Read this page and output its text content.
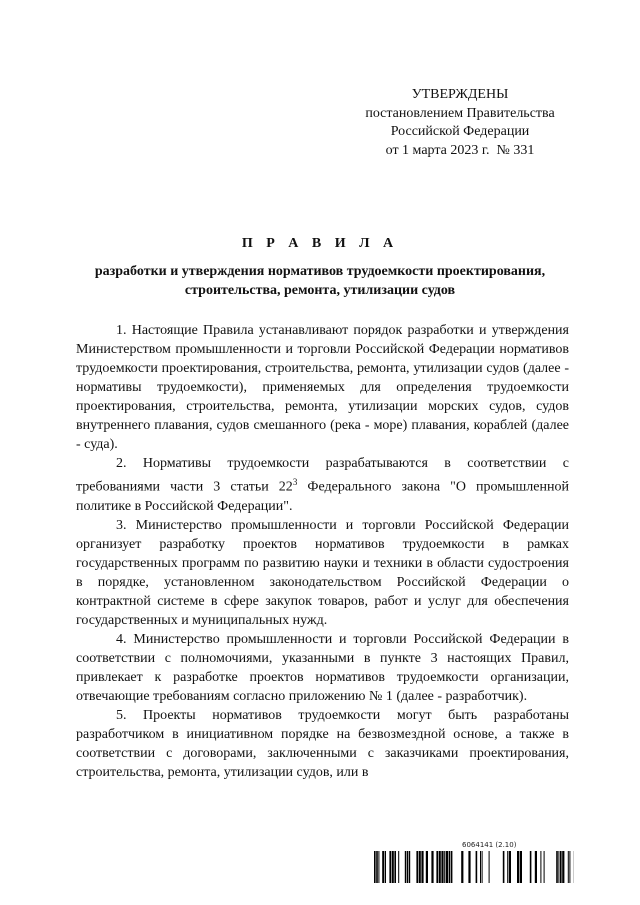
УТВЕРЖДЕНЫ
постановлением Правительства
Российской Федерации
от 1 марта 2023 г.  № 331
П Р А В И Л А
разработки и утверждения нормативов трудоемкости проектирования,
строительства, ремонта, утилизации судов

1. Настоящие Правила устанавливают порядок разработки и утверждения Министерством промышленности и торговли Российской Федерации нормативов трудоемкости проектирования, строительства, ремонта, утилизации судов (далее - нормативы трудоемкости), применяемых для определения трудоемкости проектирования, строительства, ремонта, утилизации морских судов, судов внутреннего плавания, судов смешанного (река - море) плавания, кораблей (далее - суда).

2. Нормативы трудоемкости разрабатываются в соответствии с требованиями части 3 статьи $22^3$ Федерального закона "О промышленной политике в Российской Федерации".

3. Министерство промышленности и торговли Российской Федерации организует разработку проектов нормативов трудоемкости в рамках государственных программ по развитию науки и техники в области судостроения в порядке, установленном законодательством Российской Федерации о контрактной системе в сфере закупок товаров, работ и услуг для обеспечения государственных и муниципальных нужд.

4. Министерство промышленности и торговли Российской Федерации в соответствии с полномочиями, указанными в пункте 3 настоящих Правил, привлекает к разработке проектов нормативов трудоемкости организации, отвечающие требованиям согласно приложению № 1 (далее - разработчик).

5. Проекты нормативов трудоемкости могут быть разработаны разработчиком в инициативном порядке на безвозмездной основе, а также в соответствии с договорами, заключенными с заказчиками проектирования, строительства, ремонта, утилизации судов, или в

6064141 (2.10)
